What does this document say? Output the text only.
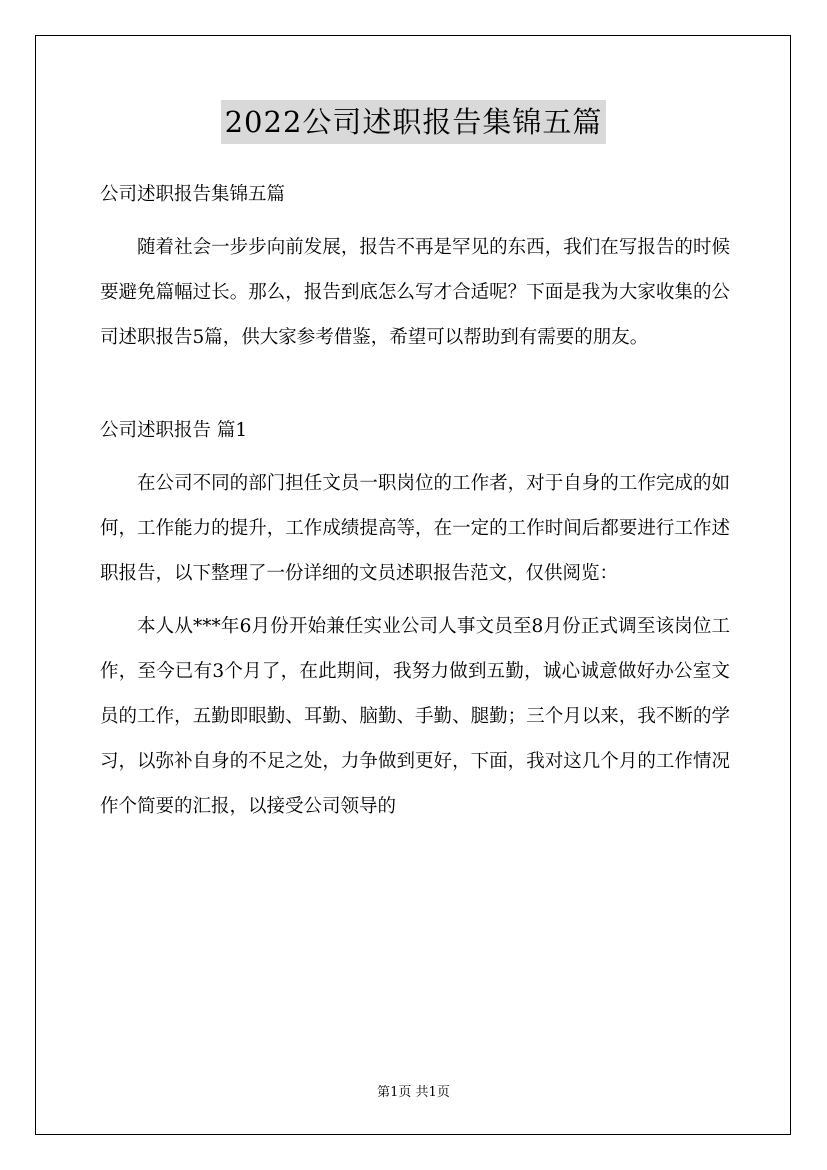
2022公司述职报告集锦五篇

公司述职报告集锦五篇

随着社会一步步向前发展，报告不再是罕见的东西，我们在写报告的时候要避免篇幅过长。那么，报告到底怎么写才合适呢？下面是我为大家收集的公司述职报告5篇，供大家参考借鉴，希望可以帮助到有需要的朋友。

公司述职报告 篇1

在公司不同的部门担任文员一职岗位的工作者，对于自身的工作完成的如何，工作能力的提升，工作成绩提高等，在一定的工作时间后都要进行工作述职报告，以下整理了一份详细的文员述职报告范文，仅供阅览：

本人从***年6月份开始兼任实业公司人事文员至8月份正式调至该岗位工作，至今已有3个月了，在此期间，我努力做到五勤，诚心诚意做好办公室文员的工作，五勤即眼勤、耳勤、脑勤、手勤、腿勤；三个月以来，我不断的学习，以弥补自身的不足之处，力争做到更好，下面，我对这几个月的工作情况作个简要的汇报，以接受公司领导的

第1页 共1页
